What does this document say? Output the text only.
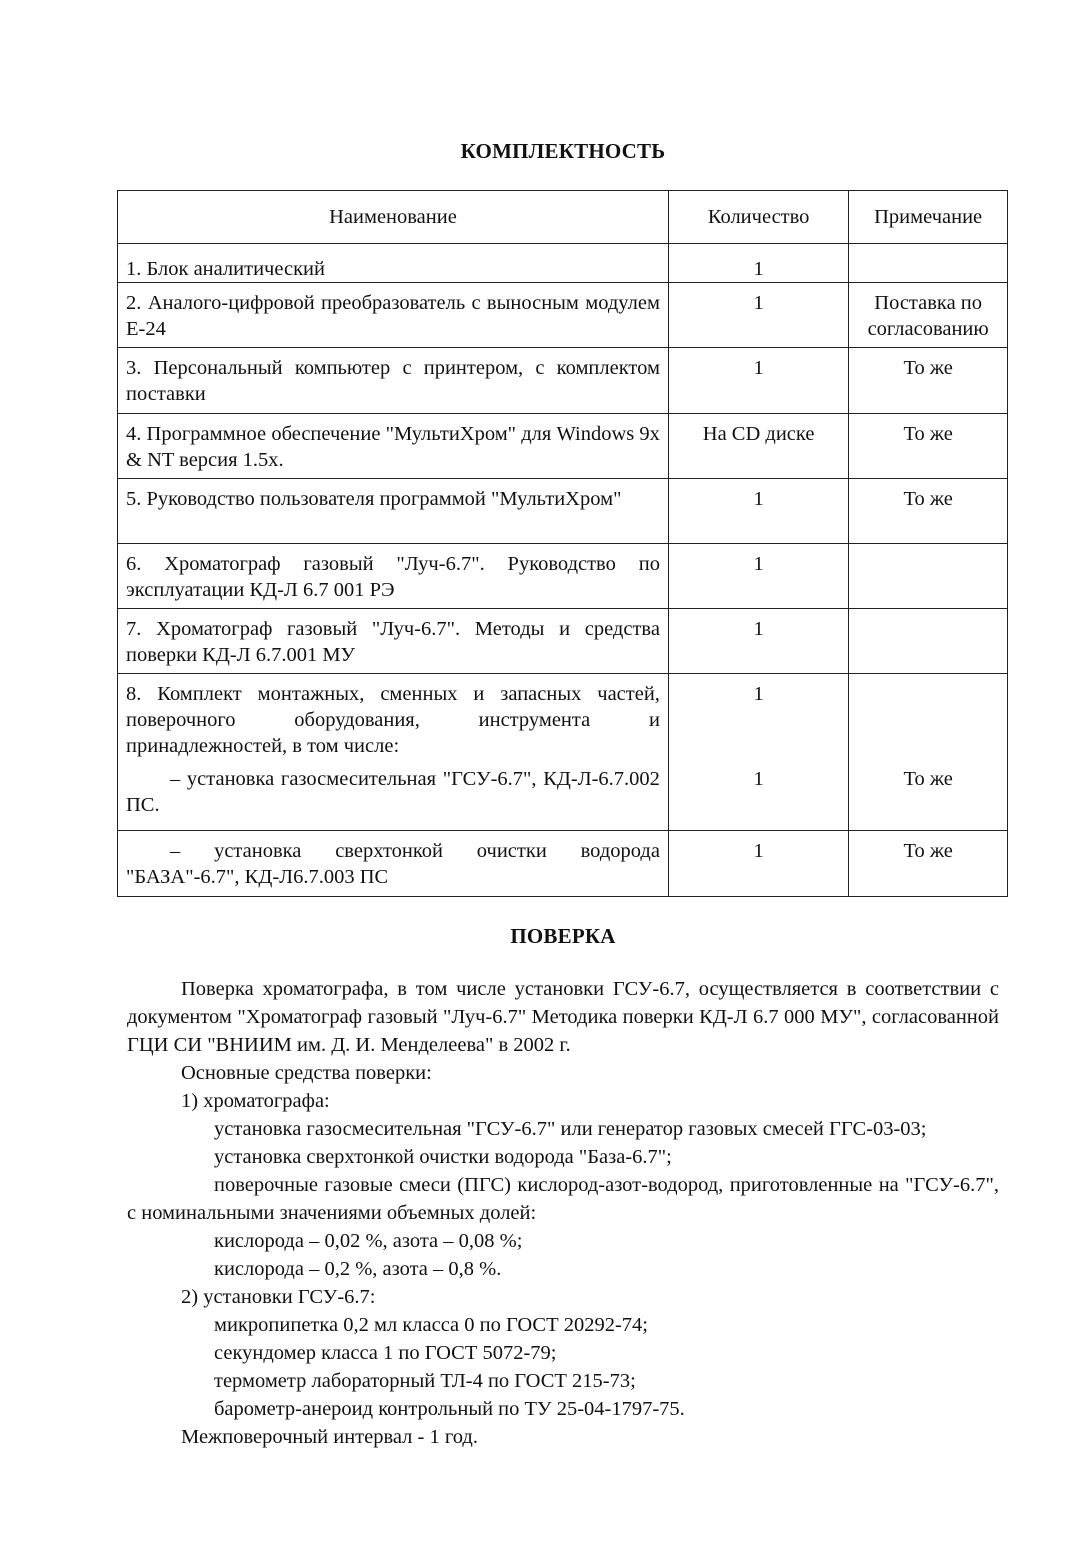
КОМПЛЕКТНОСТЬ
Наименование	Количество	Примечание
1. Блок аналитический	1	
2. Аналого-цифровой преобразователь с выносным модулем Е-24	1	Поставка по согласованию
3. Персональный компьютер с принтером, с комплектом поставки	1	То же
4. Программное обеспечение "МультиХром" для Windows 9x & NT версия 1.5x.	На CD диске	То же
5. Руководство пользователя программой "МультиХром"	1	То же
6. Хроматограф газовый "Луч-6.7". Руководство по эксплуатации КД-Л 6.7 001 РЭ	1	
7. Хроматограф газовый "Луч-6.7". Методы и средства поверки КД-Л 6.7.001 МУ	1	
8. Комплект монтажных, сменных и запасных частей, поверочного оборудования, инструмента и принадлежностей, в том числе:	1	
– установка газосмесительная "ГСУ-6.7", КД-Л-6.7.002 ПС.	1	То же
– установка сверхтонкой очистки водорода "БАЗА"-6.7", КД-Л6.7.003 ПС	1	То же
ПОВЕРКА

Поверка хроматографа, в том числе установки ГСУ-6.7, осуществляется в соответствии с документом "Хроматограф газовый "Луч-6.7" Методика поверки КД-Л 6.7 000 МУ", согласованной ГЦИ СИ "ВНИИМ им. Д. И. Менделеева" в 2002 г.

Основные средства поверки:

1) хроматографа:

установка газосмесительная "ГСУ-6.7" или генератор газовых смесей ГГС-03-03;

установка сверхтонкой очистки водорода "База-6.7";

поверочные газовые смеси (ПГС) кислород-азот-водород, приготовленные на "ГСУ-6.7", с номинальными значениями объемных долей:

кислорода – 0,02 %, азота – 0,08 %;

кислорода – 0,2 %, азота – 0,8 %.

2) установки ГСУ-6.7:

микропипетка 0,2 мл класса 0 по ГОСТ 20292-74;

секундомер класса 1 по ГОСТ 5072-79;

термометр лабораторный ТЛ-4 по ГОСТ 215-73;

барометр-анероид контрольный по ТУ 25-04-1797-75.

Межповерочный интервал - 1 год.
